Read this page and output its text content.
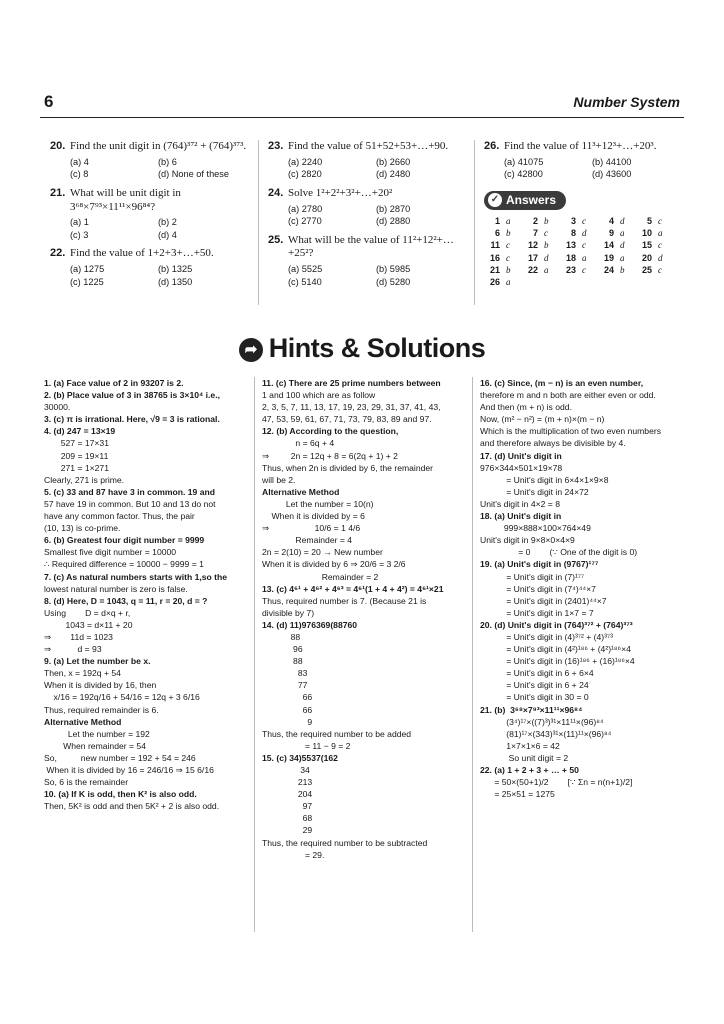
6	Number System
20. Find the unit digit in (764)³⁷² + (764)³⁷³.
(a) 4	(b) 6
(c) 8	(d) None of these
21. What will be unit digit in 3⁶⁸×7⁹³×11¹¹×96⁸⁴?
(a) 1	(b) 2
(c) 3	(d) 4
22. Find the value of 1+2+3+…+50.
(a) 1275	(b) 1325
(c) 1225	(d) 1350
23. Find the value of 51+52+53+…+90.
(a) 2240	(b) 2660
(c) 2820	(d) 2480
24. Solve 1²+2²+3²+…+20²
(a) 2780	(b) 2870
(c) 2770	(d) 2880
25. What will be the value of 11²+12²+…+25²?
(a) 5525	(b) 5985
(c) 5140	(d) 5280
26. Find the value of 11³+12³+…+20³.
(a) 41075	(b) 44100
(c) 42800	(d) 43600
✓ Answers
1 a	2 b	3 c	4 d	5 c
6 b	7 c	8 d	9 a	10 a
11 c	12 b	13 c	14 d	15 c
16 c	17 d	18 a	19 a	20 d
21 b	22 a	23 c	24 b	25 c
26 a
➦ Hints & Solutions
1. (a) Face value of 2 in 93207 is 2.
2. (b) Place value of 3 in 38765 is 3×10⁴ i.e.,
30000.
3. (c) π is irrational. Here, √9 = 3 is rational.
4. (d) 247 = 13×19
527 = 17×31
209 = 19×11
271 = 1×271
Clearly, 271 is prime.
5. (c) 33 and 87 have 3 in common. 19 and
57 have 19 in common. But 10 and 13 do not
have any common factor. Thus, the pair
(10, 13) is co-prime.
6. (b) Greatest four digit number = 9999
Smallest five digit number = 10000
∴ Required difference = 10000 − 9999 = 1
7. (c) As natural numbers starts with 1,so the
lowest natural number is zero is false.
8. (d) Here, D = 1043, q = 11, r = 20, d = ?
Using        D = d×q + r,
1043 = d×11 + 20
⇒        11d = 1023
⇒           d = 93
9. (a) Let the number be x.
Then, x = 192q + 54
When it is divided by 16, then
x/16 = 192q/16 + 54/16 = 12q + 3 6/16
Thus, required remainder is 6.
Alternative Method
Let the number = 192
When remainder = 54
So,          new number = 192 + 54 = 246
When it is divided by 16 = 246/16 ⇒ 15 6/16
So, 6 is the remainder
10. (a) If K is odd, then K² is also odd.
Then, 5K² is odd and then 5K² + 2 is also odd.
11. (c) There are 25 prime numbers between
1 and 100 which are as follow
2, 3, 5, 7, 11, 13, 17, 19, 23, 29, 31, 37, 41, 43,
47, 53, 59, 61, 67, 71, 73, 79, 83, 89 and 97.
12. (b) According to the question,
n = 6q + 4
⇒         2n = 12q + 8 = 6(2q + 1) + 2
Thus, when 2n is divided by 6, the remainder
will be 2.
Alternative Method
Let the number = 10(n)
When it is divided by = 6
⇒                   10/6 = 1 4/6
Remainder = 4
2n = 2(10) = 20 → New number
When it is divided by 6 ⇒ 20/6 = 3 2/6
Remainder = 2
13. (c) 4⁶¹ + 4⁶² + 4⁶³ = 4⁶¹(1 + 4 + 4²) = 4⁶¹×21
Thus, required number is 7. (Because 21 is
divisible by 7)
14. (d) 11)976369(88760
88
96
88
83
77
66
66
9
Thus, the required number to be added
= 11 − 9 = 2
15. (c) 34)5537(162
34
213
204
97
68
29
Thus, the required number to be subtracted
= 29.
16. (c) Since, (m − n) is an even number,
therefore m and n both are either even or odd.
And then (m + n) is odd.
Now, (m² − n²) = (m + n)×(m − n)
Which is the multiplication of two even numbers
and therefore always be divisible by 4.
17. (d) Unit's digit in
976×344×501×19×78
= Unit's digit in 6×4×1×9×8
= Unit's digit in 24×72
Unit's digit in 4×2 = 8
18. (a) Unit's digit in
999×888×100×764×49
Unit's digit in 9×8×0×4×9
= 0        (∵ One of the digit is 0)
19. (a) Unit's digit in (9767)¹⁷⁷
= Unit's digit in (7)¹⁷⁷
= Unit's digit in (7⁴)⁴⁴×7
= Unit's digit in (2401)⁴⁴×7
= Unit's digit in 1×7 = 7
20. (d) Unit's digit in (764)³⁷² + (764)³⁷³
= Unit's digit in (4)³⁷² + (4)³⁷³
= Unit's digit in (4²)¹⁸⁶ + (4²)¹⁸⁶×4
= Unit's digit in (16)¹⁸⁶ + (16)¹⁸⁶×4
= Unit's digit in 6 + 6×4
= Unit's digit in 6 + 24
= Unit's digit in 30 = 0
21. (b)  3⁶⁸×7⁹³×11¹¹×96⁸⁴
(3⁴)¹⁷×((7)³)³¹×11¹¹×(96)⁸⁴
(81)¹⁷×(343)³¹×(11)¹¹×(96)⁸⁴
1×7×1×6 = 42
So unit digit = 2
22. (a) 1 + 2 + 3 + … + 50
= 50×(50+1)/2        [∵ Σn = n(n+1)/2]
= 25×51 = 1275
